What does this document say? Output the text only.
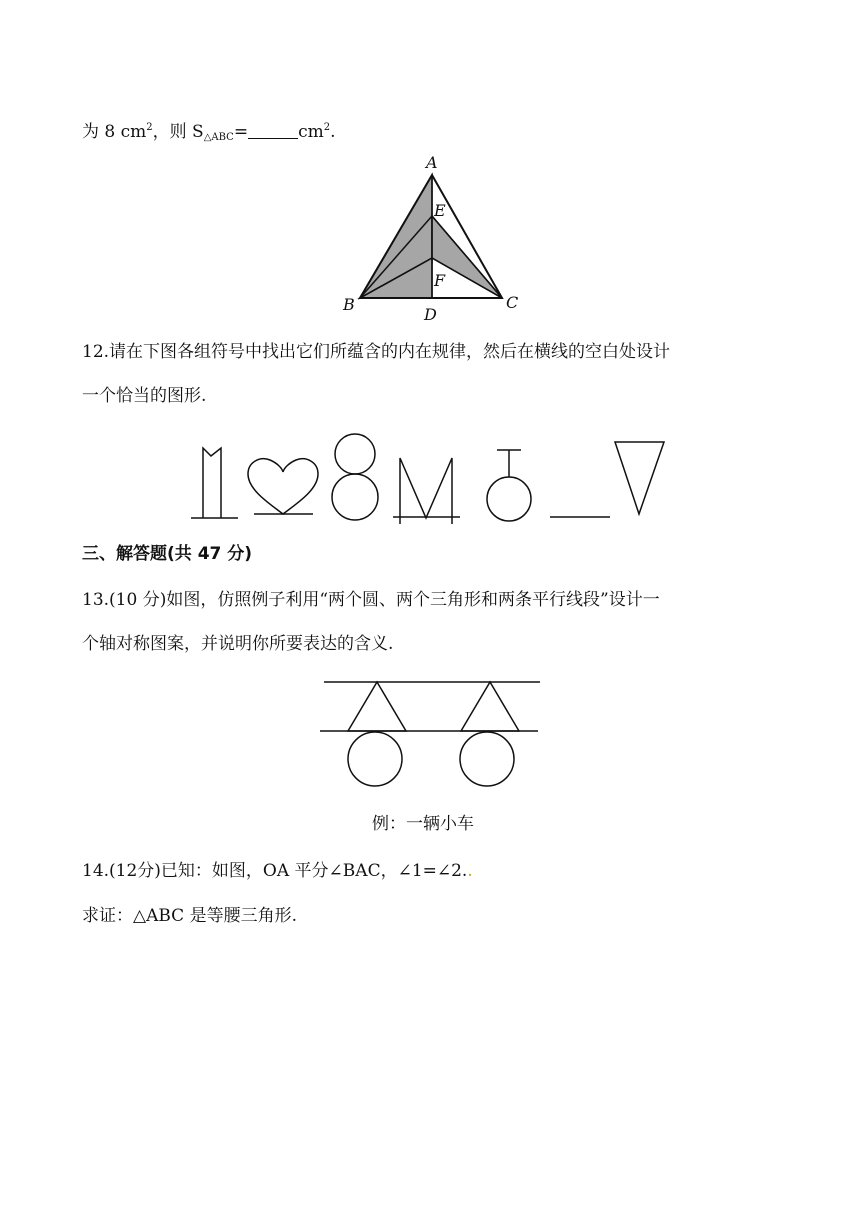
为 8 $cm^2$，则 $S_{\triangle ABC}=$	$cm^2$.
A
E
F
B	C
D
12.请在下图各组符号中找出它们所蕴含的内在规律，然后在横线的空白处设计
一个恰当的图形.
三、解答题(共 47 分)
13.(10 分)如图，仿照例子利用“两个圆、两个三角形和两条平行线段”设计一
个轴对称图案，并说明你所要表达的含义.
例：一辆小车
14.(12分)已知：如图，OA 平分∠BAC，∠1=∠2..
求证：△ABC 是等腰三角形.
